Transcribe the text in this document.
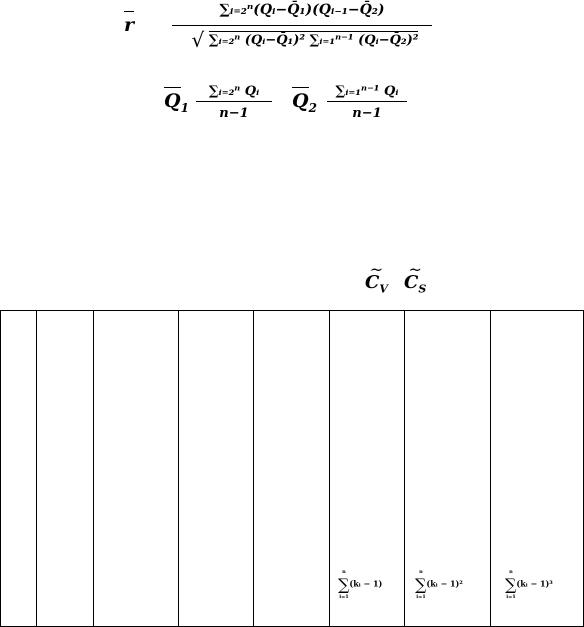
r
∑ᵢ₌₂ⁿ(Qᵢ−Q̄₁)(Qᵢ₋₁−Q̄₂)
√ ∑ᵢ₌₂ⁿ (Qᵢ−Q̄₁)² ∑ᵢ₌₁ⁿ⁻¹ (Qᵢ−Q̄₂)²
$Q_1$
∑ᵢ₌₂ⁿ Qᵢ
n−1
$Q_2$
∑ᵢ₌₁ⁿ⁻¹ Qᵢ
n−1
~
$C_V$
~
$C_S$
n
∑(kᵢ − 1)
i=1
n
∑(kᵢ − 1)²
i=1
n
∑(kᵢ − 1)³
i=1
